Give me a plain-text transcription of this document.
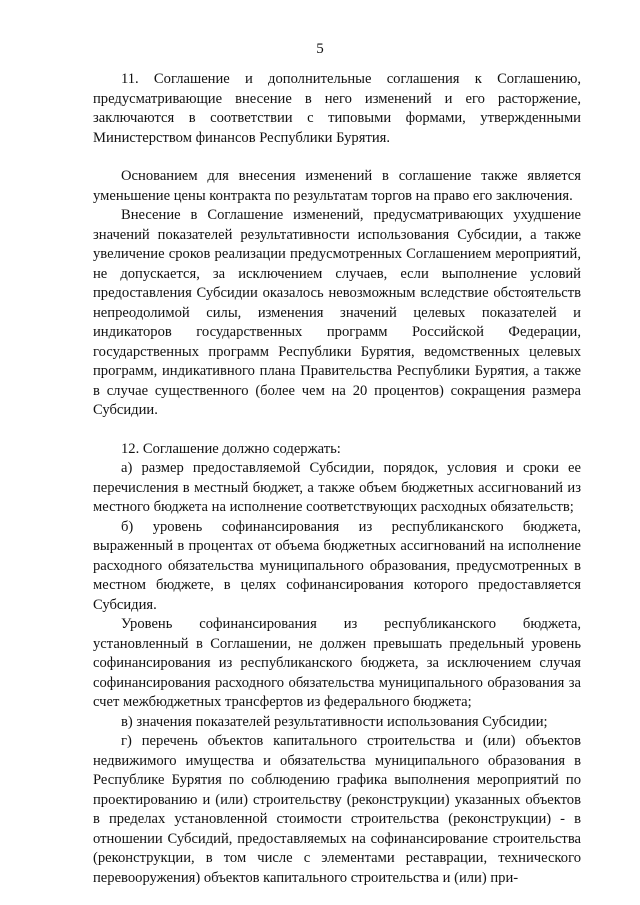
5

11. Соглашение и дополнительные соглашения к Соглашению, предусматривающие внесение в него изменений и его расторжение, заключаются в соответствии с типовыми формами, утвержденными Министерством финансов Республики Бурятия.

Основанием для внесения изменений в соглашение также является уменьшение цены контракта по результатам торгов на право его заключения.

Внесение в Соглашение изменений, предусматривающих ухудшение значений показателей результативности использования Субсидии, а также увеличение сроков реализации предусмотренных Соглашением мероприятий, не допускается, за исключением случаев, если выполнение условий предоставления Субсидии оказалось невозможным вследствие обстоятельств непреодолимой силы, изменения значений целевых показателей и индикаторов государственных программ Российской Федерации, государственных программ Республики Бурятия, ведомственных целевых программ, индикативного плана Правительства Республики Бурятия, а также в случае существенного (более чем на 20 процентов) сокращения размера Субсидии.

12. Соглашение должно содержать:

а) размер предоставляемой Субсидии, порядок, условия и сроки ее перечисления в местный бюджет, а также объем бюджетных ассигнований из местного бюджета на исполнение соответствующих расходных обязательств;

б) уровень софинансирования из республиканского бюджета, выраженный в процентах от объема бюджетных ассигнований на исполнение расходного обязательства муниципального образования, предусмотренных в местном бюджете, в целях софинансирования которого предоставляется Субсидия.

Уровень софинансирования из республиканского бюджета, установленный в Соглашении, не должен превышать предельный уровень софинансирования из республиканского бюджета, за исключением случая софинансирования расходного обязательства муниципального образования за счет межбюджетных трансфертов из федерального бюджета;

в) значения показателей результативности использования Субсидии;

г) перечень объектов капитального строительства и (или) объектов недвижимого имущества и обязательства муниципального образования в Республике Бурятия по соблюдению графика выполнения мероприятий по проектированию и (или) строительству (реконструкции) указанных объектов в пределах установленной стоимости строительства (реконструкции) - в отношении Субсидий, предоставляемых на софинансирование строительства (реконструкции, в том числе с элементами реставрации, технического перевооружения) объектов капитального строительства и (или) при-
